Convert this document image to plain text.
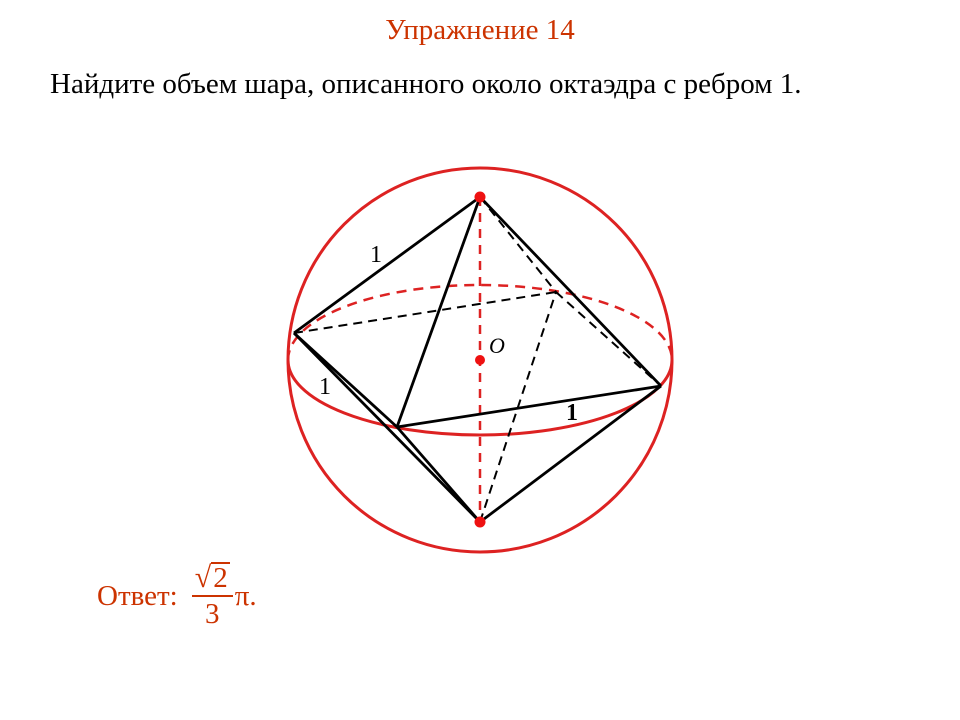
Упражнение 14
Найдите объем шара, описанного около октаэдра с ребром 1.
O
1
1
1
Ответ: $\frac{√ 2}{3} \pi$.
